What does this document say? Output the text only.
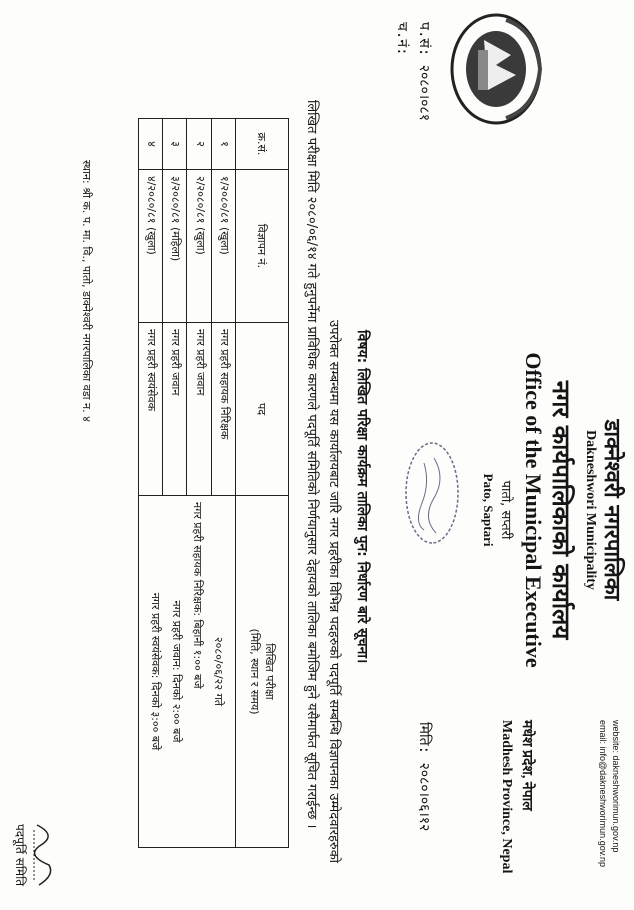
डाक्नेश्वरी नगरपालिका
Dakneshwori Municipality
नगर कार्यपालिकाको कार्यालय
Office of the Municipal Executive
पातो, सप्तरी
Pato, Saptari
website: dakneshworimun.gov.np
email: info@dakneshworimun.gov.np
मधेश प्रदेश, नेपाल
Madhesh Province, Nepal
प.सं: २०८०।०८१
च.नं:
मिति: २०८०।०६।१२
विषय: लिखित परिक्षा कार्यक्रम तालिका पुन: निर्धारण बारे सूचना।
उपरोक्त सम्बन्धमा यस कार्यालयबाट जारि नगर प्रहरीका विभिन्न पदहरुको पदपूर्ति सम्बन्धि विज्ञापनका उम्मेदवारहरुको लिखित परीक्षा मिति २०८०/०६/१४ गते हुनुपर्नेमा प्राविधिक कारणले पदपूर्ति समितिको निर्णयानुसार देहायको तालिका बमोजिम हुने यसैमार्फत सूचित गराईन्छ ।
क्र.सं.	विज्ञापन नं.	पद	लिखित परीक्षा
(मिति, स्थान र समय)

१	१/२०८०/८१ (खुला)	नगर प्रहरी सहायक निरिक्षक	२०८०/०६/२२ गते
नगर प्रहरी सहायक निरिक्षक: बिहानी १:०० बजे
नगर प्रहरी जवान: दिनको २:०० बजे
नगर प्रहरी स्वयंसेवक: दिनको ३:०० बजे

२	२/२०८०/८१ (खुला)	नगर प्रहरी जवान	
३	३/२०८०/८१ (महिला)	नगर प्रहरी जवान	
४	४/२०८०/८१ (खुला)	नगर प्रहरी स्वयंसेवक	
स्थान: श्री क. प. मा. वि., पातो, डाक्नेश्वरी नगरपालिका वडा न. ४
पदपूर्ति समिति
